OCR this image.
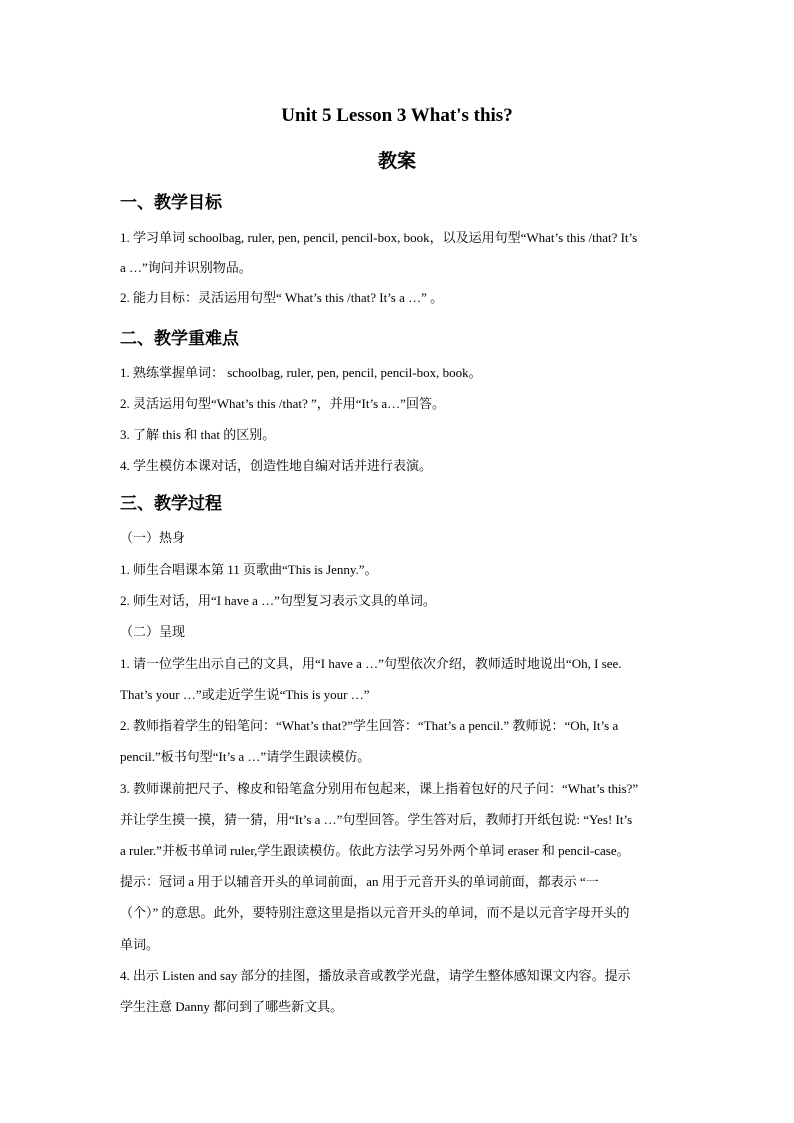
Unit 5 Lesson 3 What's this?
教案
一、教学目标
1. 学习单词 schoolbag, ruler, pen, pencil, pencil-box, book，以及运用句型“What’s this /that? It’s
a …”询问并识别物品。
2. 能力目标：灵活运用句型“ What’s this /that? It’s a …” 。
二、教学重难点
1. 熟练掌握单词： schoolbag, ruler, pen, pencil, pencil-box, book。
2. 灵活运用句型“What’s this /that? ”，并用“It’s a…”回答。
3. 了解 this 和 that 的区别。
4. 学生模仿本课对话，创造性地自编对话并进行表演。
三、教学过程
（一）热身
1. 师生合唱课本第 11 页歌曲“This is Jenny.”。
2. 师生对话，用“I have a …”句型复习表示文具的单词。
（二）呈现
1. 请一位学生出示自己的文具，用“I have a …”句型依次介绍，教师适时地说出“Oh, I see.
That’s your …”或走近学生说“This is your …”
2. 教师指着学生的铅笔问：“What’s that?”学生回答：“That’s a pencil.” 教师说：“Oh, It’s a
pencil.”板书句型“It’s a …”请学生跟读模仿。
3. 教师课前把尺子、橡皮和铅笔盒分别用布包起来，课上指着包好的尺子问：“What’s this?”
并让学生摸一摸，猜一猜，用“It’s a …”句型回答。学生答对后，教师打开纸包说: “Yes! It’s
a ruler.”并板书单词 ruler,学生跟读模仿。依此方法学习另外两个单词 eraser 和 pencil-case。
提示：冠词 a 用于以辅音开头的单词前面，an 用于元音开头的单词前面，都表示 “一
（个）” 的意思。此外，要特别注意这里是指以元音开头的单词，而不是以元音字母开头的
单词。
4. 出示 Listen and say 部分的挂图，播放录音或教学光盘，请学生整体感知课文内容。提示
学生注意 Danny 都问到了哪些新文具。
